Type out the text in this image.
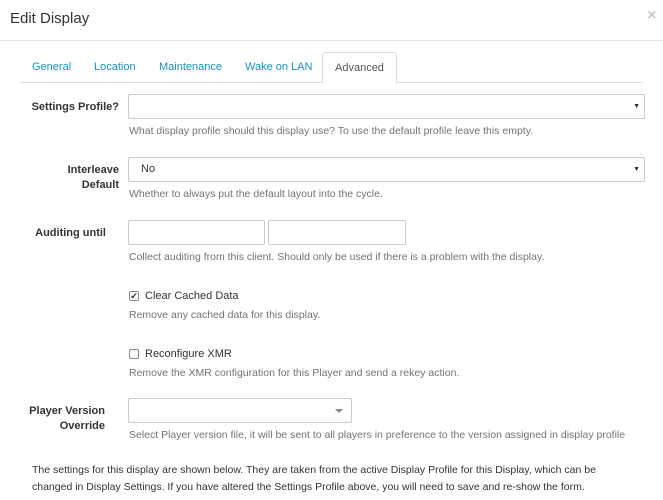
Edit Display	×
General	Location	Maintenance	Wake on LAN	Advanced
Settings Profile?	▼
What display profile should this display use? To use the default profile leave this empty.
Interleave
Default
No	▼
Whether to always put the default layout into the cycle.
Auditing until
Collect auditing from this client. Should only be used if there is a problem with the display.
✔ Clear Cached Data
Remove any cached data for this display.
Reconfigure XMR
Remove the XMR configuration for this Player and send a rekey action.
Player Version
Override
Select Player version file, it will be sent to all players in preference to the version assigned in display profile
The settings for this display are shown below. They are taken from the active Display Profile for this Display, which can be
changed in Display Settings. If you have altered the Settings Profile above, you will need to save and re-show the form.
